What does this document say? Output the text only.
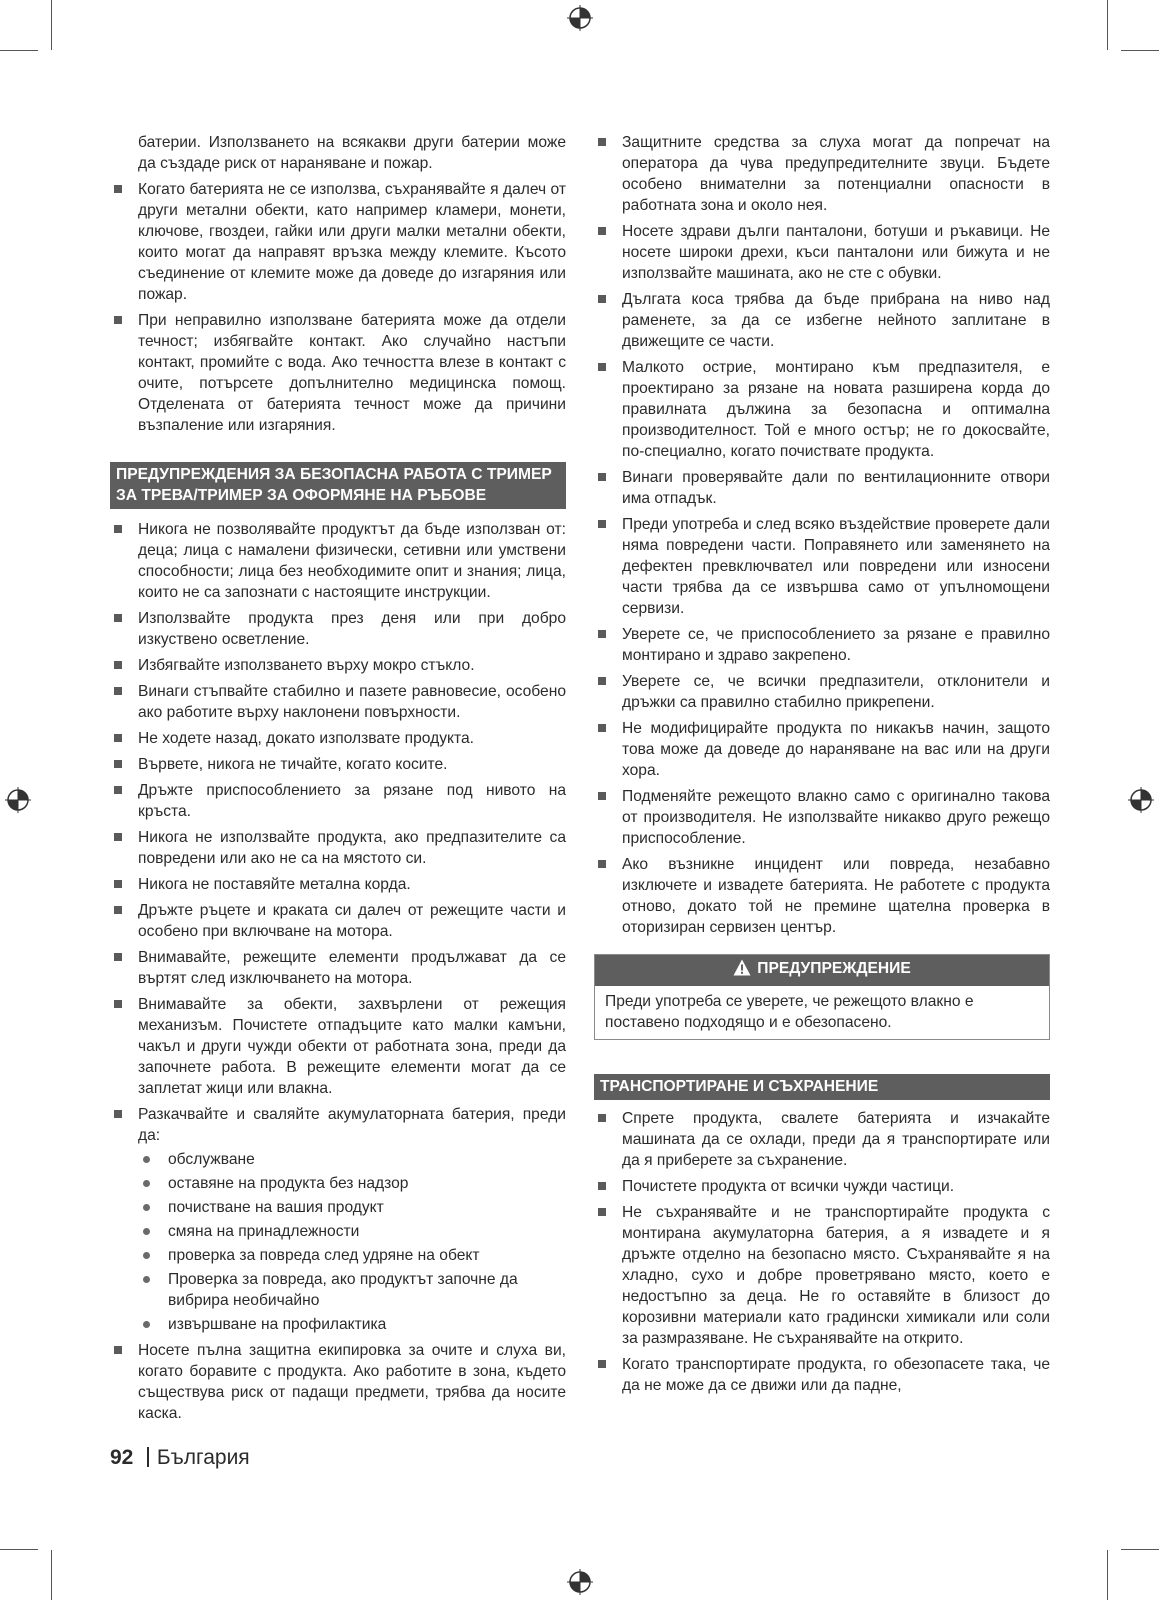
батерии. Използването на всякакви други батерии може да създаде риск от нараняване и пожар.

Когато батерията не се използва, съхранявайте я далеч от други метални обекти, като например кламери, монети, ключове, гвоздеи, гайки или други малки метални обекти, които могат да направят връзка между клемите. Късото съединение от клемите може да доведе до изгаряния или пожар.
При неправилно използване батерията може да отдели течност; избягвайте контакт. Ако случайно настъпи контакт, промийте с вода. Ако течността влезе в контакт с очите, потърсете допълнително медицинска помощ. Отделената от батерията течност може да причини възпаление или изгаряния.
ПРЕДУПРЕЖДЕНИЯ ЗА БЕЗОПАСНА РАБОТА С ТРИМЕР ЗА ТРЕВА/ТРИМЕР ЗА ОФОРМЯНЕ НА РЪБОВЕ
Никога не позволявайте продуктът да бъде използван от: деца; лица с намалени физически, сетивни или умствени способности; лица без необходимите опит и знания; лица, които не са запознати с настоящите инструкции.
Използвайте продукта през деня или при добро изкуствено осветление.
Избягвайте използването върху мокро стъкло.
Винаги стъпвайте стабилно и пазете равновесие, особено ако работите върху наклонени повърхности.
Не ходете назад, докато използвате продукта.
Вървете, никога не тичайте, когато косите.
Дръжте приспособлението за рязане под нивото на кръста.
Никога не използвайте продукта, ако предпазителите са повредени или ако не са на мястото си.
Никога не поставяйте метална корда.
Дръжте ръцете и краката си далеч от режещите части и особено при включване на мотора.
Внимавайте, режещите елементи продължават да се въртят след изключването на мотора.
Внимавайте за обекти, захвърлени от режещия механизъм. Почистете отпадъците като малки камъни, чакъл и други чужди обекти от работната зона, преди да започнете работа. В режещите елементи могат да се заплетат жици или влакна.
Разкачвайте и сваляйте акумулаторната батерия, преди да:
обслужване
оставяне на продукта без надзор
почистване на вашия продукт
смяна на принадлежности
проверка за повреда след удряне на обект
Проверка за повреда, ако продуктът започне да вибрира необичайно
извършване на профилактика
Носете пълна защитна екипировка за очите и слуха ви, когато боравите с продукта. Ако работите в зона, където съществува риск от падащи предмети, трябва да носите каска.
Защитните средства за слуха могат да попречат на оператора да чува предупредителните звуци. Бъдете особено внимателни за потенциални опасности в работната зона и около нея.
Носете здрави дълги панталони, ботуши и ръкавици. Не носете широки дрехи, къси панталони или бижута и не използвайте машината, ако не сте с обувки.
Дългата коса трябва да бъде прибрана на ниво над раменете, за да се избегне нейното заплитане в движещите се части.
Малкото острие, монтирано към предпазителя, е проектирано за рязане на новата разширена корда до правилната дължина за безопасна и оптимална производителност. Той е много остър; не го докосвайте, по-специално, когато почиствате продукта.
Винаги проверявайте дали по вентилационните отвори има отпадък.
Преди употреба и след всяко въздействие проверете дали няма повредени части. Поправянето или заменянето на дефектен превключвател или повредени или износени части трябва да се извършва само от упълномощени сервизи.
Уверете се, че приспособлението за рязане е правилно монтирано и здраво закрепено.
Уверете се, че всички предпазители, отклонители и дръжки са правилно стабилно прикрепени.
Не модифицирайте продукта по никакъв начин, защото това може да доведе до нараняване на вас или на други хора.
Подменяйте режещото влакно само с оригинално такова от производителя. Не използвайте никакво друго режещо приспособление.
Ако възникне инцидент или повреда, незабавно изключете и извадете батерията. Не работете с продукта отново, докато той не премине щателна проверка в оторизиран сервизен център.
ПРЕДУПРЕЖДЕНИЕ
Преди употреба се уверете, че режещото влакно е поставено подходящо и е обезопасено.
ТРАНСПОРТИРАНЕ И СЪХРАНЕНИЕ
Спрете продукта, свалете батерията и изчакайте машината да се охлади, преди да я транспортирате или да я приберете за съхранение.
Почистете продукта от всички чужди частици.
Не съхранявайте и не транспортирайте продукта с монтирана акумулаторна батерия, а я извадете и я дръжте отделно на безопасно място. Съхранявайте я на хладно, сухо и добре проветрявано място, което е недостъпно за деца. Не го оставяйте в близост до корозивни материали като градински химикали или соли за размразяване. Не съхранявайте на открито.
Когато транспортирате продукта, го обезопасете така, че да не може да се движи или да падне,
92 България
